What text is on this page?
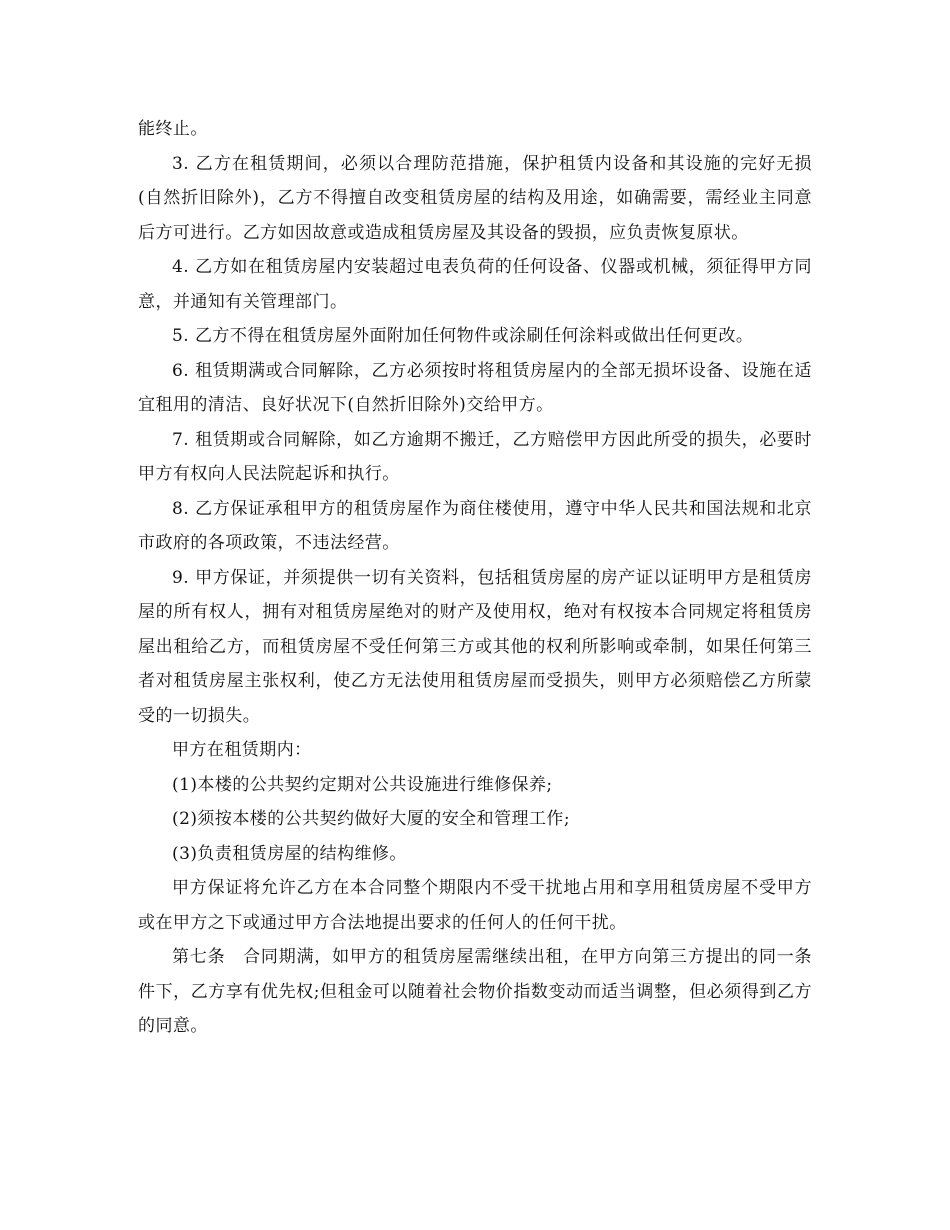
能终止。

3. 乙方在租赁期间，必须以合理防范措施，保护租赁内设备和其设施的完好无损(自然折旧除外)，乙方不得擅自改变租赁房屋的结构及用途，如确需要，需经业主同意后方可进行。乙方如因故意或造成租赁房屋及其设备的毁损，应负责恢复原状。

4. 乙方如在租赁房屋内安装超过电表负荷的任何设备、仪器或机械，须征得甲方同意，并通知有关管理部门。

5. 乙方不得在租赁房屋外面附加任何物件或涂刷任何涂料或做出任何更改。

6. 租赁期满或合同解除，乙方必须按时将租赁房屋内的全部无损坏设备、设施在适宜租用的清洁、良好状况下(自然折旧除外)交给甲方。

7. 租赁期或合同解除，如乙方逾期不搬迁，乙方赔偿甲方因此所受的损失，必要时甲方有权向人民法院起诉和执行。

8. 乙方保证承租甲方的租赁房屋作为商住楼使用，遵守中华人民共和国法规和北京市政府的各项政策，不违法经营。

9. 甲方保证，并须提供一切有关资料，包括租赁房屋的房产证以证明甲方是租赁房屋的所有权人，拥有对租赁房屋绝对的财产及使用权，绝对有权按本合同规定将租赁房屋出租给乙方，而租赁房屋不受任何第三方或其他的权利所影响或牵制，如果任何第三者对租赁房屋主张权利，使乙方无法使用租赁房屋而受损失，则甲方必须赔偿乙方所蒙受的一切损失。

甲方在租赁期内：

(1)本楼的公共契约定期对公共设施进行维修保养;

(2)须按本楼的公共契约做好大厦的安全和管理工作;

(3)负责租赁房屋的结构维修。

甲方保证将允许乙方在本合同整个期限内不受干扰地占用和享用租赁房屋不受甲方或在甲方之下或通过甲方合法地提出要求的任何人的任何干扰。

第七条　合同期满，如甲方的租赁房屋需继续出租，在甲方向第三方提出的同一条件下，乙方享有优先权;但租金可以随着社会物价指数变动而适当调整，但必须得到乙方的同意。
